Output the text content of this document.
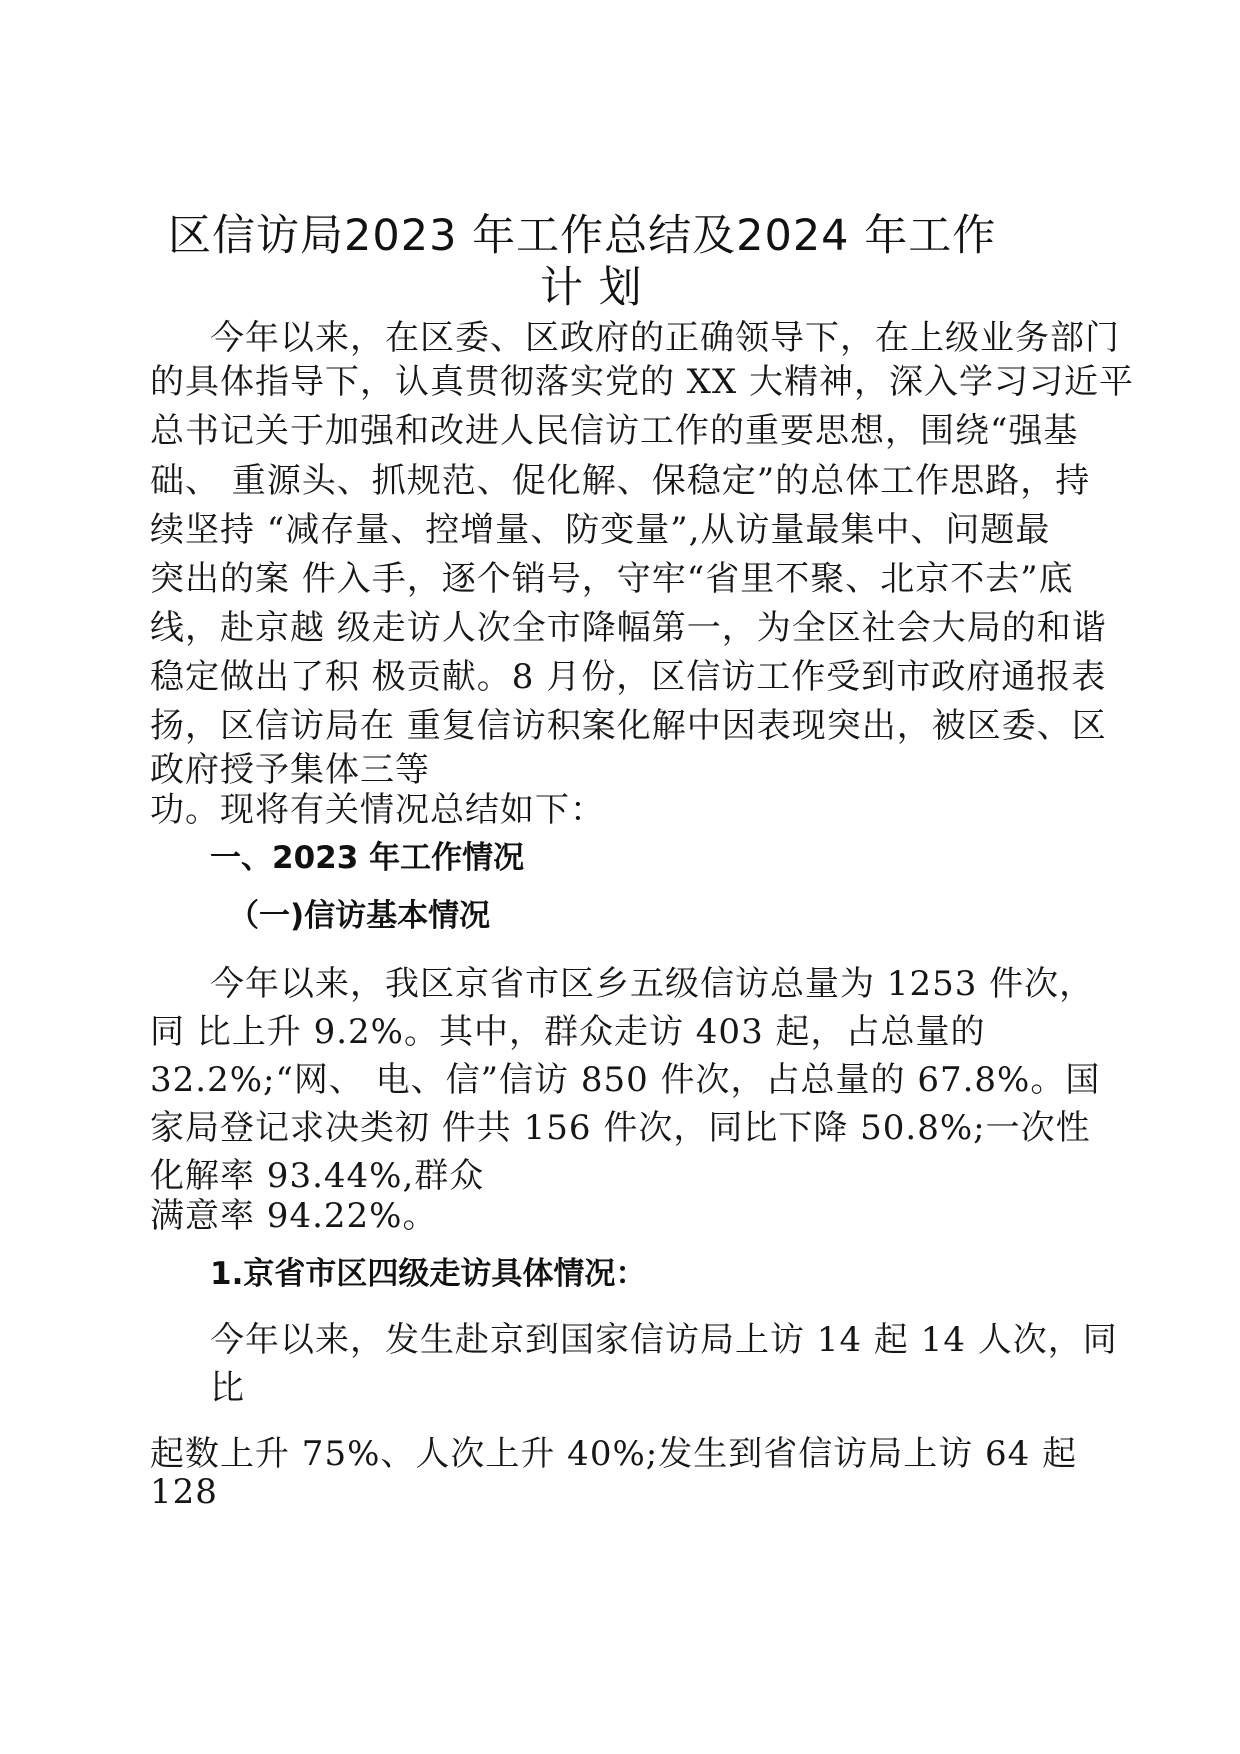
区信访局2023 年工作总结及2024 年工作
计 划
今年以来，在区委、区政府的正确领导下，在上级业务部门
的具体指导下，认真贯彻落实党的 XX 大精神，深入学习习近平
总书记关于加强和改进人民信访工作的重要思想，围绕“强基
础、 重源头、抓规范、促化解、保稳定”的总体工作思路，持
续坚持 “减存量、控增量、防变量”,从访量最集中、问题最
突出的案 件入手，逐个销号，守牢“省里不聚、北京不去”底
线，赴京越 级走访人次全市降幅第一，为全区社会大局的和谐
稳定做出了积 极贡献。8 月份，区信访工作受到市政府通报表
扬，区信访局在 重复信访积案化解中因表现突出，被区委、区
政府授予集体三等
功。现将有关情况总结如下：
一、2023 年工作情况
（一)信访基本情况
今年以来，我区京省市区乡五级信访总量为 1253 件次，
同 比上升 9.2%。其中，群众走访 403 起，占总量的
32.2%;“网、 电、信”信访 850 件次，占总量的 67.8%。国
家局登记求决类初 件共 156 件次，同比下降 50.8%;一次性
化解率 93.44%,群众
满意率 94.22%。
1.京省市区四级走访具体情况：
今年以来，发生赴京到国家信访局上访 14 起 14 人次，同
比
起数上升 75%、人次上升 40%;发生到省信访局上访 64 起
128
